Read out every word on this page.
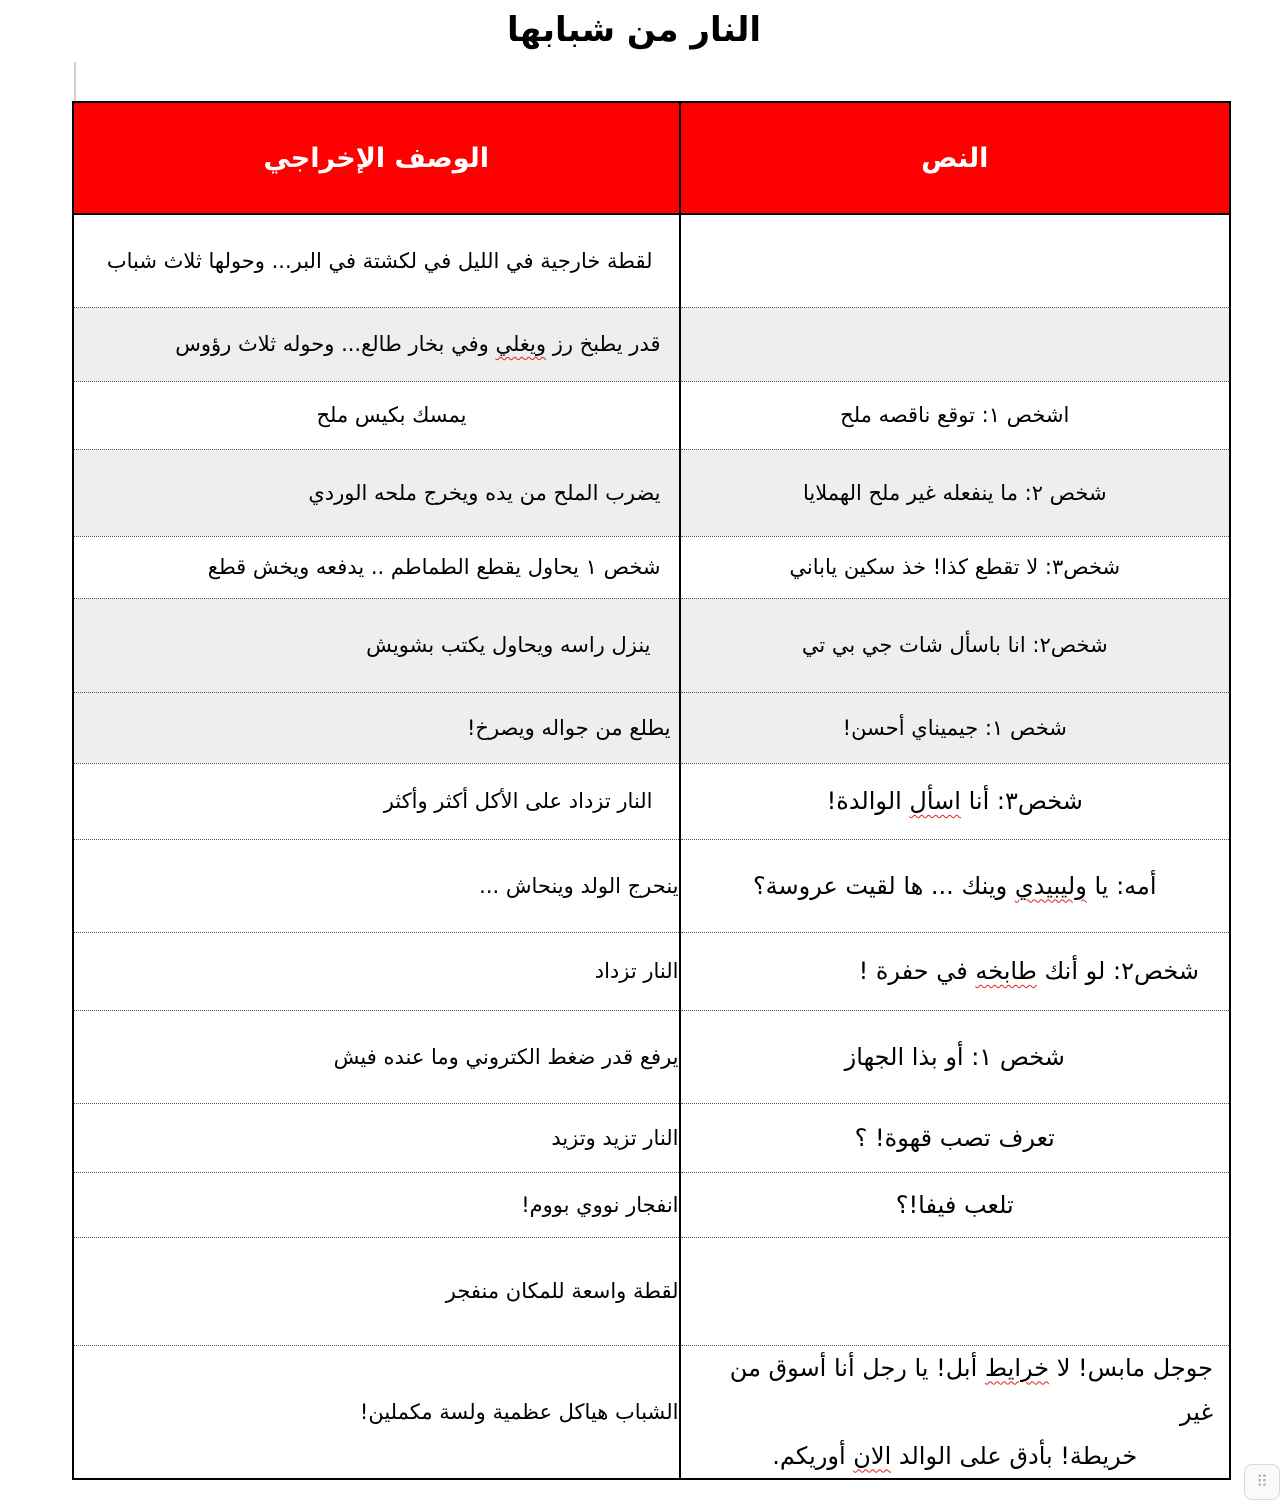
النار من شبابها
الوصف الإخراجي	النص
لقطة خارجية في الليل في لكشتة في البر... وحولها ثلاث شباب	
قدر يطبخ رز ويغلي وفي بخار طالع... وحوله ثلاث رؤوس	
يمسك بكيس ملح	اشخص ١: توقع ناقصه ملح
يضرب الملح من يده ويخرج ملحه الوردي	شخص ٢: ما ينفعله غير ملح الهملايا
شخص ١ يحاول يقطع الطماطم .. يدفعه ويخش قطع	شخص٣: لا تقطع كذا! خذ سكين ياباني
ينزل راسه ويحاول يكتب بشويش	شخص٢: انا باسأل شات جي بي تي
يطلع من جواله ويصرخ!	شخص ١: جيميناي أحسن!
النار تزداد على الأكل أكثر وأكثر	شخص٣: أنا اسأل الوالدة!
ينحرج الولد وينحاش ...	أمه: يا وليبيدي وينك ... ها لقيت عروسة؟
النار تزداد	شخص٢: لو أنك طابخه في حفرة !
يرفع قدر ضغط الكتروني وما عنده فيش	شخص ١: أو بذا الجهاز
النار تزيد وتزيد	تعرف تصب قهوة! ؟
انفجار نووي بووم!	تلعب فيفا!؟
لقطة واسعة للمكان منفجر	
الشباب هياكل عظمية ولسة مكملين!	جوجل مابس! لا خرايط أبل! يا رجل أنا أسوق من غير
خريطة! بأدق على الوالد الان أوريكم.
⠿
